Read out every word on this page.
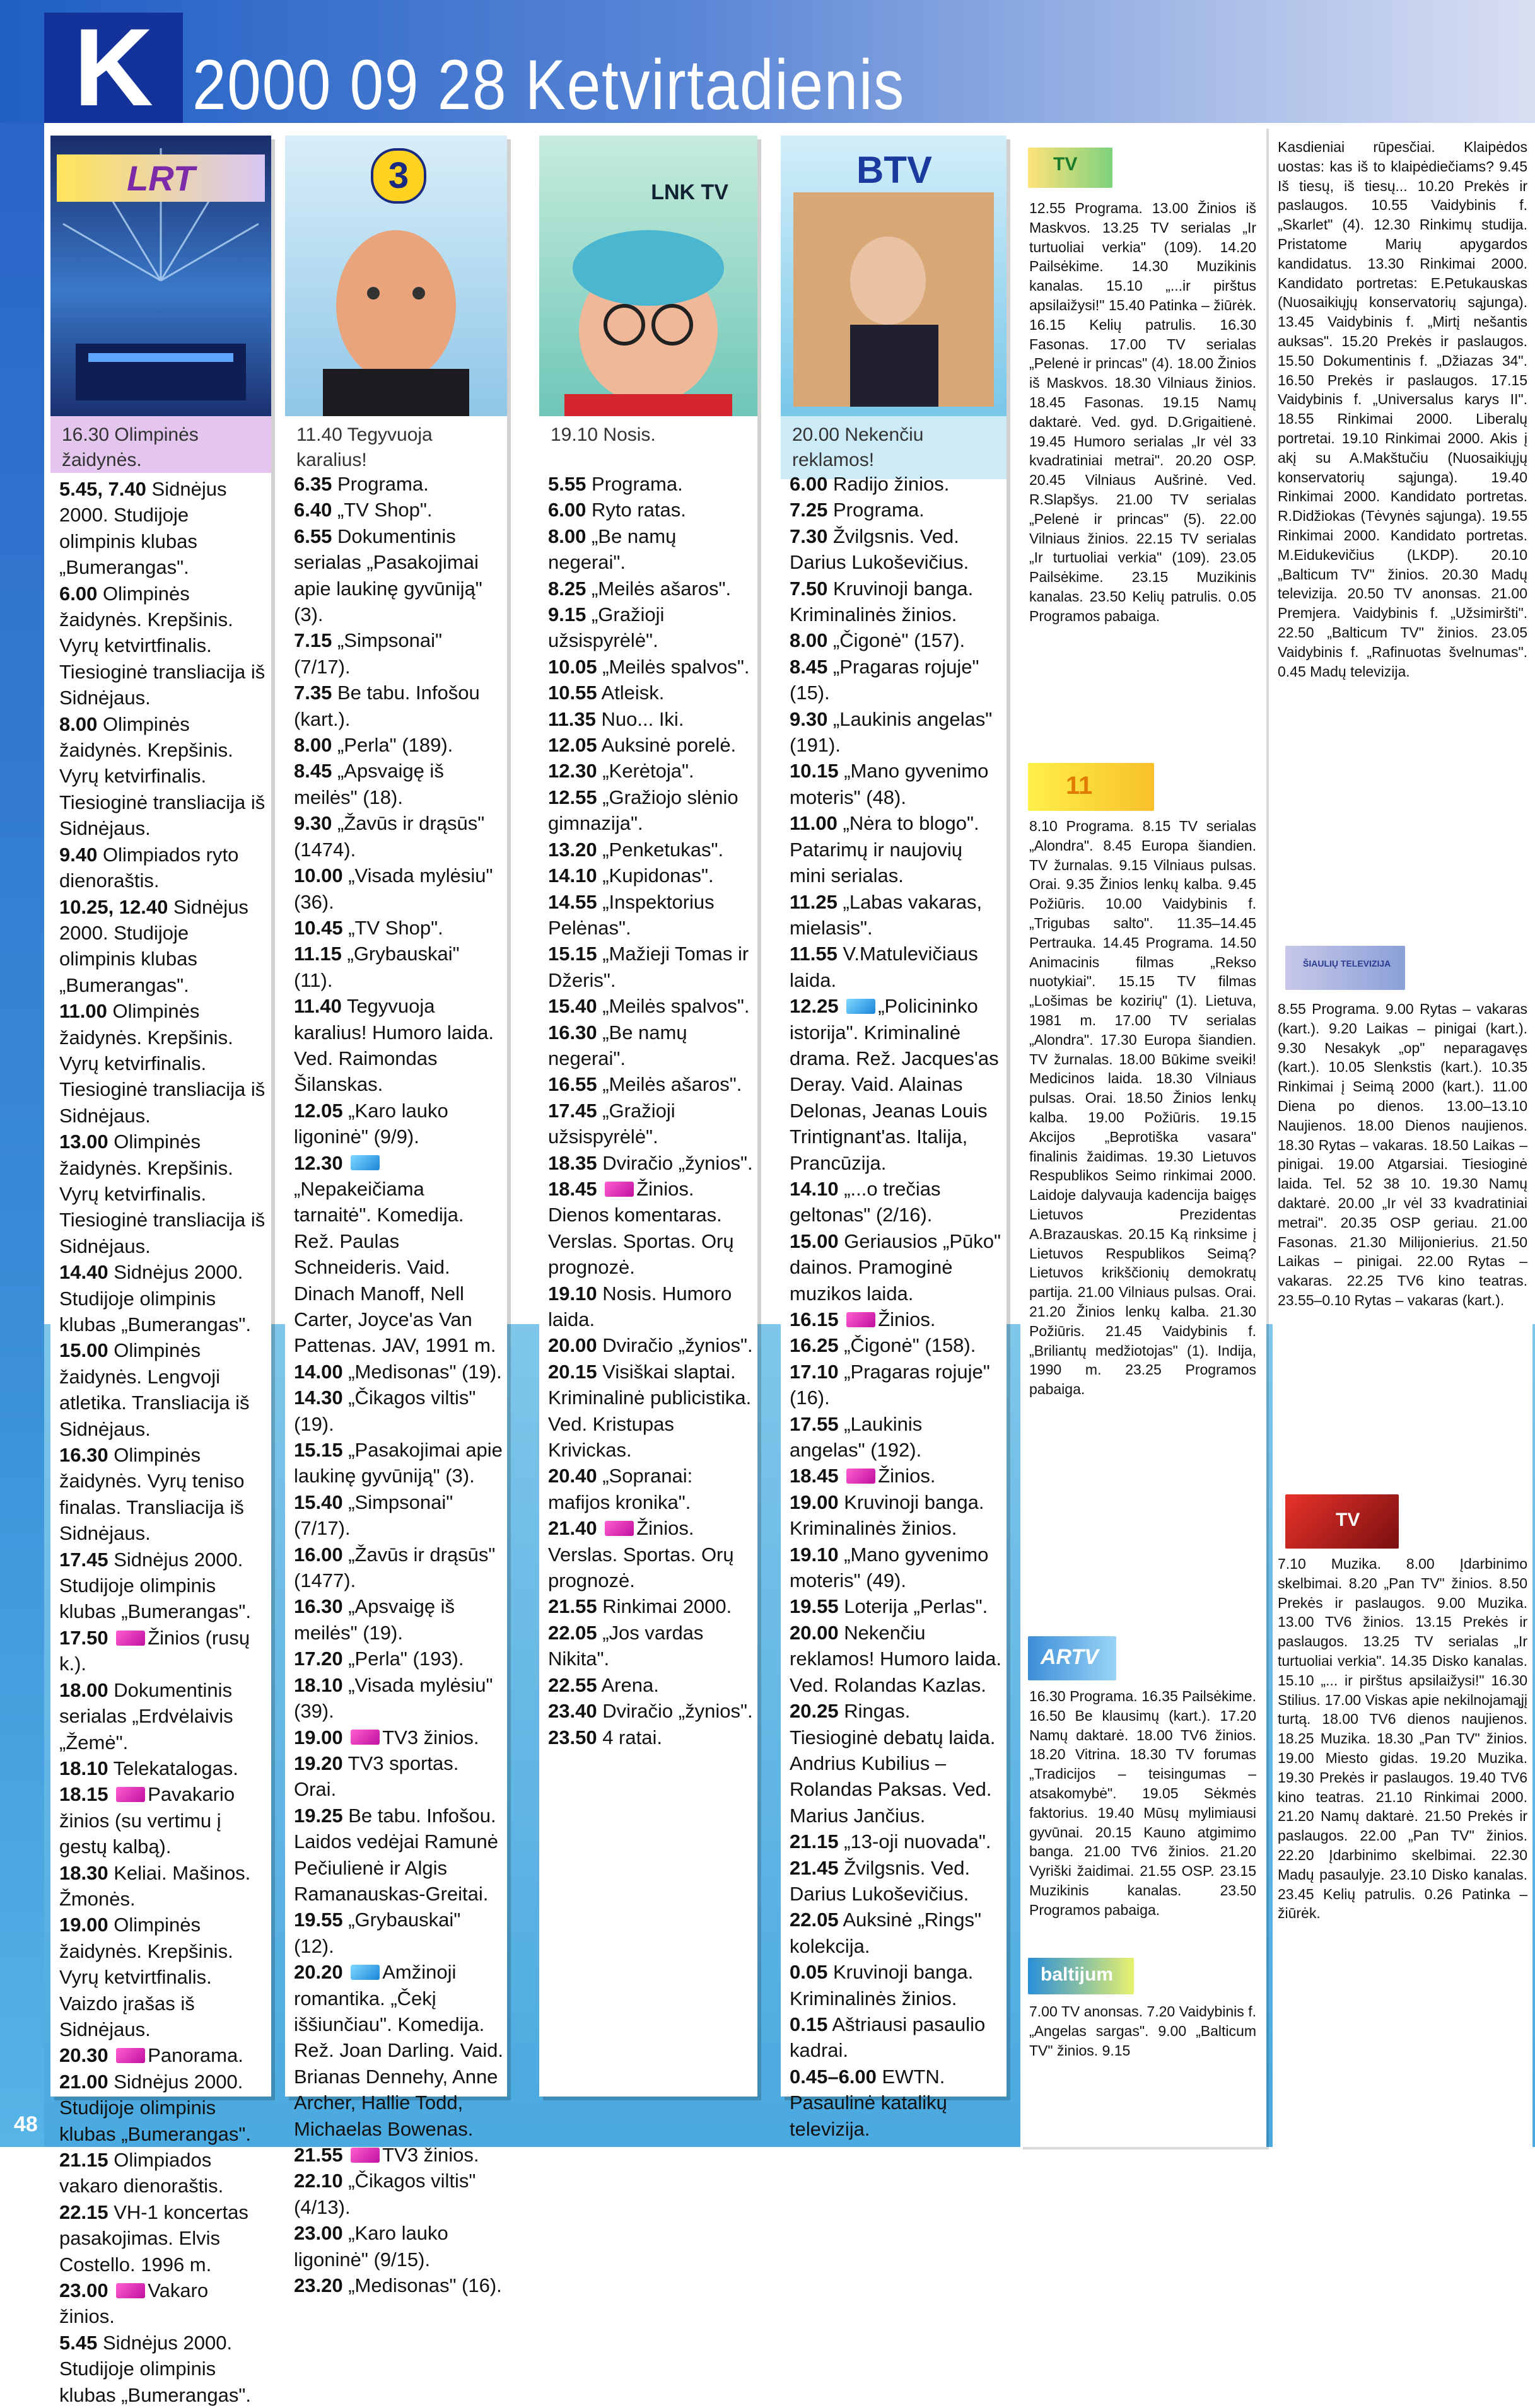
K 2000 09 28 Ketvirtadienis
LRT
16.30 Olimpinės žaidynės.
5.45, 7.40 Sidnėjus 2000. Studijoje olimpinis klubas „Bumerangas".
6.00 Olimpinės žaidynės. Krepšinis. Vyrų ketvirtfinalis. Tiesioginė transliacija iš Sidnėjaus.
8.00 Olimpinės žaidynės. Krepšinis. Vyrų ketvirfinalis. Tiesioginė transliacija iš Sidnėjaus.
9.40 Olimpiados ryto dienoraštis.
10.25, 12.40 Sidnėjus 2000. Studijoje olimpinis klubas „Bumerangas".
11.00 Olimpinės žaidynės. Krepšinis. Vyrų ketvirfinalis. Tiesioginė transliacija iš Sidnėjaus.
13.00 Olimpinės žaidynės. Krepšinis. Vyrų ketvirfinalis. Tiesioginė transliacija iš Sidnėjaus.
14.40 Sidnėjus 2000. Studijoje olimpinis klubas „Bumerangas".
15.00 Olimpinės žaidynės. Lengvoji atletika. Transliacija iš Sidnėjaus.
16.30 Olimpinės žaidynės. Vyrų teniso finalas. Transliacija iš Sidnėjaus.
17.45 Sidnėjus 2000. Studijoje olimpinis klubas „Bumerangas".
17.50 Žinios (rusų k.).
18.00 Dokumentinis serialas „Erdvėlaivis „Žemė".
18.10 Telekatalogas.
18.15 Pavakario žinios (su vertimu į gestų kalbą).
18.30 Keliai. Mašinos. Žmonės.
19.00 Olimpinės žaidynės. Krepšinis. Vyrų ketvirtfinalis. Vaizdo įrašas iš Sidnėjaus.
20.30 Panorama.
21.00 Sidnėjus 2000. Studijoje olimpinis klubas „Bumerangas".
21.15 Olimpiados vakaro dienoraštis.
22.15 VH-1 koncertas pasakojimas. Elvis Costello. 1996 m.
23.00 Vakaro žinios.
5.45 Sidnėjus 2000. Studijoje olimpinis klubas „Bumerangas".
3
11.40 Tegyvuoja karalius!
6.35 Programa.
6.40 „TV Shop".
6.55 Dokumentinis serialas „Pasakojimai apie laukinę gyvūniją" (3).
7.15 „Simpsonai" (7/17).
7.35 Be tabu. Infošou (kart.).
8.00 „Perla" (189).
8.45 „Apsvaigę iš meilės" (18).
9.30 „Žavūs ir drąsūs" (1474).
10.00 „Visada mylėsiu" (36).
10.45 „TV Shop".
11.15 „Grybauskai" (11).
11.40 Tegyvuoja karalius! Humoro laida. Ved. Raimondas Šilanskas.
12.05 „Karo lauko ligoninė" (9/9).
12.30 „Nepakeičiama tarnaitė". Komedija. Rež. Paulas Schneideris. Vaid. Dinach Manoff, Nell Carter, Joyce'as Van Pattenas. JAV, 1991 m.
14.00 „Medisonas" (19).
14.30 „Čikagos viltis" (19).
15.15 „Pasakojimai apie laukinę gyvūniją" (3).
15.40 „Simpsonai" (7/17).
16.00 „Žavūs ir drąsūs" (1477).
16.30 „Apsvaigę iš meilės" (19).
17.20 „Perla" (193).
18.10 „Visada mylėsiu" (39).
19.00 TV3 žinios.
19.20 TV3 sportas. Orai.
19.25 Be tabu. Infošou. Laidos vedėjai Ramunė Pečiulienė ir Algis Ramanauskas-Greitai.
19.55 „Grybauskai" (12).
20.20 Amžinoji romantika. „Čekį iššiunčiau". Komedija. Rež. Joan Darling. Vaid. Brianas Dennehy, Anne Archer, Hallie Todd, Michaelas Bowenas.
21.55 TV3 žinios.
22.10 „Čikagos viltis" (4/13).
23.00 „Karo lauko ligoninė" (9/15).
23.20 „Medisonas" (16).
LNK TV
19.10 Nosis.
5.55 Programa.
6.00 Ryto ratas.
8.00 „Be namų negerai".
8.25 „Meilės ašaros".
9.15 „Gražioji užsispyrėlė".
10.05 „Meilės spalvos".
10.55 Atleisk.
11.35 Nuo... Iki.
12.05 Auksinė porelė.
12.30 „Kerėtoja".
12.55 „Gražiojo slėnio gimnazija".
13.20 „Penketukas".
14.10 „Kupidonas".
14.55 „Inspektorius Pelėnas".
15.15 „Mažieji Tomas ir Džeris".
15.40 „Meilės spalvos".
16.30 „Be namų negerai".
16.55 „Meilės ašaros".
17.45 „Gražioji užsispyrėlė".
18.35 Dviračio „žynios".
18.45 Žinios. Dienos komentaras. Verslas. Sportas. Orų prognozė.
19.10 Nosis. Humoro laida.
20.00 Dviračio „žynios".
20.15 Visiškai slaptai. Kriminalinė publicistika. Ved. Kristupas Krivickas.
20.40 „Sopranai: mafijos kronika".
21.40 Žinios. Verslas. Sportas. Orų prognozė.
21.55 Rinkimai 2000.
22.05 „Jos vardas Nikita".
22.55 Arena.
23.40 Dviračio „žynios".
23.50 4 ratai.
BTV
20.00 Nekenčiu reklamos!
6.00 Radijo žinios.
7.25 Programa.
7.30 Žvilgsnis. Ved. Darius Lukoševičius.
7.50 Kruvinoji banga. Kriminalinės žinios.
8.00 „Čigonė" (157).
8.45 „Pragaras rojuje" (15).
9.30 „Laukinis angelas" (191).
10.15 „Mano gyvenimo moteris" (48).
11.00 „Nėra to blogo". Patarimų ir naujovių mini serialas.
11.25 „Labas vakaras, mielasis".
11.55 V.Matulevičiaus laida.
12.25 „Policininko istorija". Kriminalinė drama. Rež. Jacques'as Deray. Vaid. Alainas Delonas, Jeanas Louis Trintignant'as. Italija, Prancūzija.
14.10 „...o trečias geltonas" (2/16).
15.00 Geriausios „Pūko" dainos. Pramoginė muzikos laida.
16.15 Žinios.
16.25 „Čigonė" (158).
17.10 „Pragaras rojuje" (16).
17.55 „Laukinis angelas" (192).
18.45 Žinios.
19.00 Kruvinoji banga. Kriminalinės žinios.
19.10 „Mano gyvenimo moteris" (49).
19.55 Loterija „Perlas".
20.00 Nekenčiu reklamos! Humoro laida. Ved. Rolandas Kazlas.
20.25 Ringas. Tiesioginė debatų laida. Andrius Kubilius – Rolandas Paksas. Ved. Marius Jančius.
21.15 „13-oji nuovada".
21.45 Žvilgsnis. Ved. Darius Lukoševičius.
22.05 Auksinė „Rings" kolekcija.
0.05 Kruvinoji banga. Kriminalinės žinios.
0.15 Aštriausi pasaulio kadrai.
0.45–6.00 EWTN. Pasaulinė katalikų televizija.
TV
12.55 Programa. 13.00 Žinios iš Maskvos. 13.25 TV serialas „Ir turtuoliai verkia" (109). 14.20 Pailsėkime. 14.30 Muzikinis kanalas. 15.10 „...ir pirštus apsilaižysi!" 15.40 Patinka – žiūrėk. 16.15 Kelių patrulis. 16.30 Fasonas. 17.00 TV serialas „Pelenė ir princas" (4). 18.00 Žinios iš Maskvos. 18.30 Vilniaus žinios. 18.45 Fasonas. 19.15 Namų daktarė. Ved. gyd. D.Grigaitienė. 19.45 Humoro serialas „Ir vėl 33 kvadratiniai metrai". 20.20 OSP. 20.45 Vilniaus Aušrinė. Ved. R.Slapšys. 21.00 TV serialas „Pelenė ir princas" (5). 22.00 Vilniaus žinios. 22.15 TV serialas „Ir turtuoliai verkia" (109). 23.05 Pailsėkime. 23.15 Muzikinis kanalas. 23.50 Kelių patrulis. 0.05 Programos pabaiga.
11
8.10 Programa. 8.15 TV serialas „Alondra". 8.45 Europa šiandien. TV žurnalas. 9.15 Vilniaus pulsas. Orai. 9.35 Žinios lenkų kalba. 9.45 Požiūris. 10.00 Vaidybinis f. „Trigubas salto". 11.35–14.45 Pertrauka. 14.45 Programa. 14.50 Animacinis filmas „Rekso nuotykiai". 15.15 TV filmas „Lošimas be kozirių" (1). Lietuva, 1981 m. 17.00 TV serialas „Alondra". 17.30 Europa šiandien. TV žurnalas. 18.00 Būkime sveiki! Medicinos laida. 18.30 Vilniaus pulsas. Orai. 18.50 Žinios lenkų kalba. 19.00 Požiūris. 19.15 Akcijos „Beprotiška vasara" finalinis žaidimas. 19.30 Lietuvos Respublikos Seimo rinkimai 2000. Laidoje dalyvauja kadencija baigęs Lietuvos Prezidentas A.Brazauskas. 20.15 Ką rinksime į Lietuvos Respublikos Seimą? Lietuvos krikščionių demokratų partija. 21.00 Vilniaus pulsas. Orai. 21.20 Žinios lenkų kalba. 21.30 Požiūris. 21.45 Vaidybinis f. „Briliantų medžiotojas" (1). Indija, 1990 m. 23.25 Programos pabaiga.
ARTV
16.30 Programa. 16.35 Pailsėkime. 16.50 Be klausimų (kart.). 17.20 Namų daktarė. 18.00 TV6 žinios. 18.20 Vitrina. 18.30 TV forumas „Tradicijos – teisingumas – atsakomybė". 19.05 Sėkmės faktorius. 19.40 Mūsų mylimiausi gyvūnai. 20.15 Kauno atgimimo banga. 21.00 TV6 žinios. 21.20 Vyriški žaidimai. 21.55 OSP. 23.15 Muzikinis kanalas. 23.50 Programos pabaiga.
baltijum
7.00 TV anonsas. 7.20 Vaidybinis f. „Angelas sargas". 9.00 „Balticum TV" žinios. 9.15
Kasdieniai rūpesčiai. Klaipėdos uostas: kas iš to klaipėdiečiams? 9.45 Iš tiesų, iš tiesų... 10.20 Prekės ir paslaugos. 10.55 Vaidybinis f. „Skarlet" (4). 12.30 Rinkimų studija. Pristatome Marių apygardos kandidatus. 13.30 Rinkimai 2000. Kandidato portretas: E.Petukauskas (Nuosaikiųjų konservatorių sąjunga). 13.45 Vaidybinis f. „Mirtį nešantis auksas". 15.20 Prekės ir paslaugos. 15.50 Dokumentinis f. „Džiazas 34". 16.50 Prekės ir paslaugos. 17.15 Vaidybinis f. „Universalus karys II". 18.55 Rinkimai 2000. Liberalų portretai. 19.10 Rinkimai 2000. Akis į akį su A.Makštučiu (Nuosaikiųjų konservatorių sąjunga). 19.40 Rinkimai 2000. Kandidato portretas. R.Didžiokas (Tėvynės sąjunga). 19.55 Rinkimai 2000. Kandidato portretas. M.Eidukevičius (LKDP). 20.10 „Balticum TV" žinios. 20.30 Madų televizija. 20.50 TV anonsas. 21.00 Premjera. Vaidybinis f. „Užsimiršti". 22.50 „Balticum TV" žinios. 23.05 Vaidybinis f. „Rafinuotas švelnumas". 0.45 Madų televizija.
ŠIAULIŲ TELEVIZIJA
8.55 Programa. 9.00 Rytas – vakaras (kart.). 9.20 Laikas – pinigai (kart.). 9.30 Nesakyk „op" neparagavęs (kart.). 10.05 Slenkstis (kart.). 10.35 Rinkimai į Seimą 2000 (kart.). 11.00 Diena po dienos. 13.00–13.10 Naujienos. 18.00 Dienos naujienos. 18.30 Rytas – vakaras. 18.50 Laikas – pinigai. 19.00 Atgarsiai. Tiesioginė laida. Tel. 52 38 10. 19.30 Namų daktarė. 20.00 „Ir vėl 33 kvadratiniai metrai". 20.35 OSP geriau. 21.00 Fasonas. 21.30 Milijonierius. 21.50 Laikas – pinigai. 22.00 Rytas – vakaras. 22.25 TV6 kino teatras. 23.55–0.10 Rytas – vakaras (kart.).
TV
7.10 Muzika. 8.00 Įdarbinimo skelbimai. 8.20 „Pan TV" žinios. 8.50 Prekės ir paslaugos. 9.00 Muzika. 13.00 TV6 žinios. 13.15 Prekės ir paslaugos. 13.25 TV serialas „Ir turtuoliai verkia". 14.35 Disko kanalas. 15.10 „... ir pirštus apsilaižysi!" 16.30 Stilius. 17.00 Viskas apie nekilnojamąjį turtą. 18.00 TV6 dienos naujienos. 18.25 Muzika. 18.30 „Pan TV" žinios. 19.00 Miesto gidas. 19.20 Muzika. 19.30 Prekės ir paslaugos. 19.40 TV6 kino teatras. 21.10 Rinkimai 2000. 21.20 Namų daktarė. 21.50 Prekės ir paslaugos. 22.00 „Pan TV" žinios. 22.20 Įdarbinimo skelbimai. 22.30 Madų pasaulyje. 23.10 Disko kanalas. 23.45 Kelių patrulis. 0.26 Patinka – žiūrėk.
48
